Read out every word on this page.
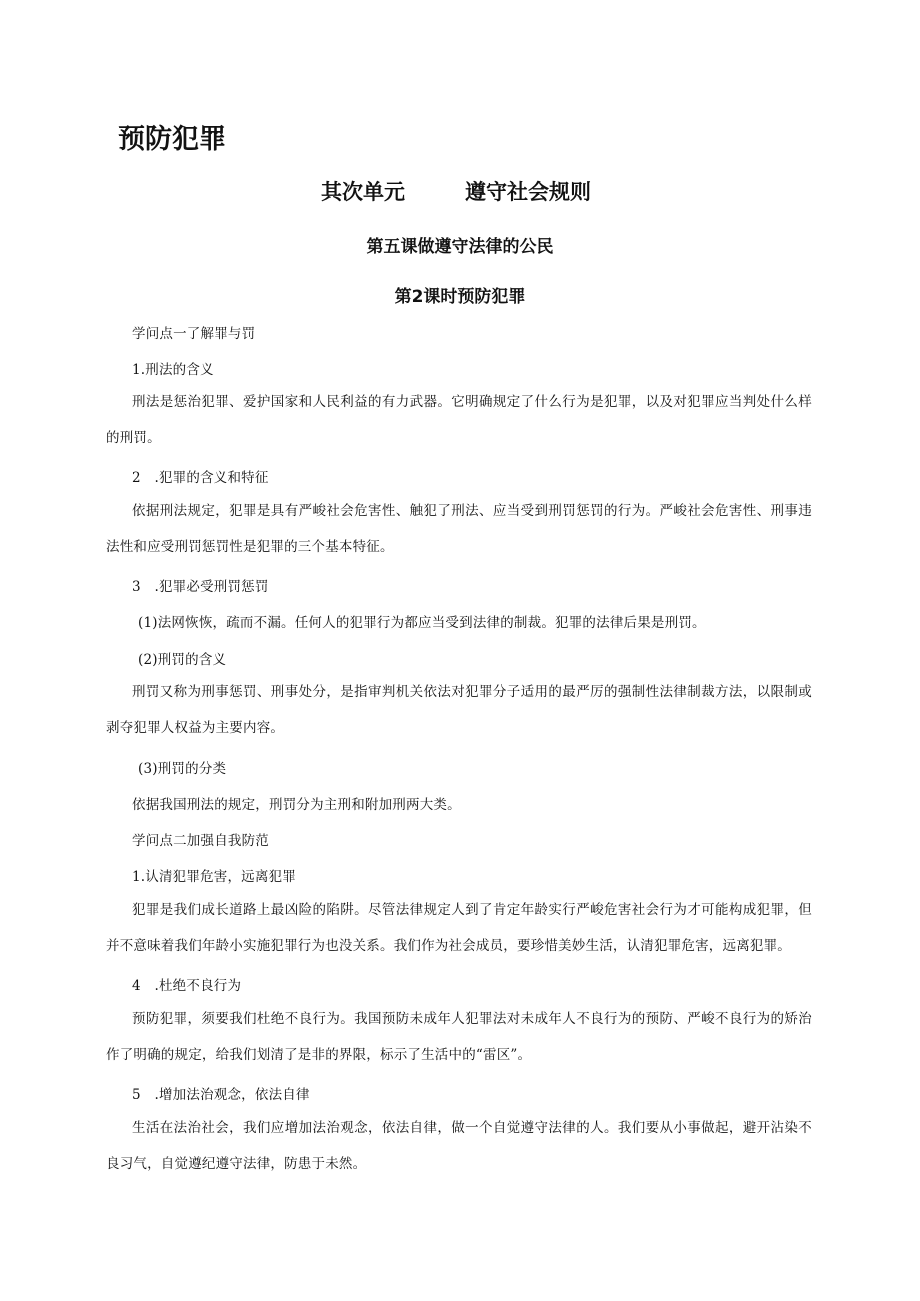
预防犯罪
其次单元	遵守社会规则
第五课做遵守法律的公民
第2课时预防犯罪
学问点一了解罪与罚
1.刑法的含义
刑法是惩治犯罪、爱护国家和人民利益的有力武器。它明确规定了什么行为是犯罪，以及对犯罪应当判处什么样的刑罚。
2　.犯罪的含义和特征
依据刑法规定，犯罪是具有严峻社会危害性、触犯了刑法、应当受到刑罚惩罚的行为。严峻社会危害性、刑事违法性和应受刑罚惩罚性是犯罪的三个基本特征。
3　.犯罪必受刑罚惩罚
(1)法网恢恢，疏而不漏。任何人的犯罪行为都应当受到法律的制裁。犯罪的法律后果是刑罚。
(2)刑罚的含义
刑罚又称为刑事惩罚、刑事处分，是指审判机关依法对犯罪分子适用的最严厉的强制性法律制裁方法，以限制或剥夺犯罪人权益为主要内容。
(3)刑罚的分类
依据我国刑法的规定，刑罚分为主刑和附加刑两大类。
学问点二加强自我防范
1.认清犯罪危害，远离犯罪
犯罪是我们成长道路上最凶险的陷阱。尽管法律规定人到了肯定年龄实行严峻危害社会行为才可能构成犯罪，但并不意味着我们年龄小实施犯罪行为也没关系。我们作为社会成员，要珍惜美妙生活，认清犯罪危害，远离犯罪。
4　.杜绝不良行为
预防犯罪，须要我们杜绝不良行为。我国预防未成年人犯罪法对未成年人不良行为的预防、严峻不良行为的矫治作了明确的规定，给我们划清了是非的界限，标示了生活中的“雷区”。
5　.增加法治观念，依法自律
生活在法治社会，我们应增加法治观念，依法自律，做一个自觉遵守法律的人。我们要从小事做起，避开沾染不良习气，自觉遵纪遵守法律，防患于未然。
